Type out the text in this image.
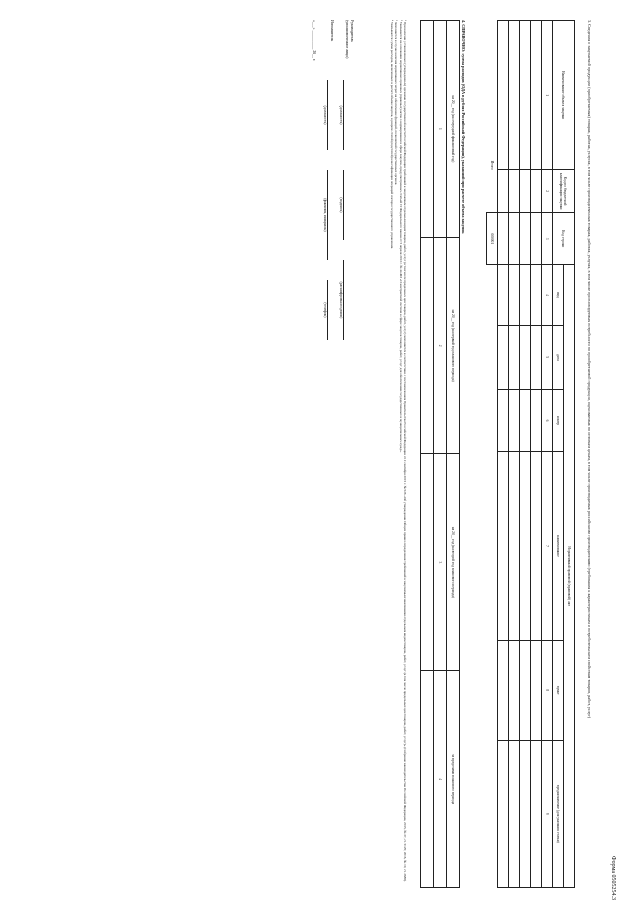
Форма 0505254.3
3. Сведения о закупаемой продукции (приобретаемых) товарах, работах, услугах, в том числе производственных товарах, работах, услугах, в том числе прогнозируемых потребности по приобретаемой продукции, оцениваемых по оптовым ценам, в том числе производимых российскими производителями (требования к характеристикам и потребительским свойствам товаров, работ, услуг)
Наименование объекта закупки	Код по бюджетной классификации закупки	Код строки	Нормативный правовой (правовой) акт					
			вид	дата	номер	наименование	пункт	предназначение (для указания статьи)
1	2	3	4	5	6	7	8	9

Итого		000001						
4. СПРАВОЧНО: сумма расходов (ОДА в рублях Российской Федерации), указанной при расчете объема закупок
на 20__ год (на очередной финансовый год)	на 20__ год (на первый год планового периода)	на 20__ год (на второй год планового периода)	за пределами планового периода
1	2	3	4

¹ При наличии установленных (утвержденных) органами государственной власти Российской Федерации требований к закупаемым отдельным видам товаров, работ, услуг (в том числе предельных цен товаров, работ, услуг) заполняется в соответствии с постановлением Правительства Российской Федерации от 2 сентября 2015 г. № 926 «Об утверждении Общих правил определения требований к закупаемым заказчиками отдельным видам товаров, работ, услуг (в том числе предельных цен товаров, работ, услуг)» (Собрание законодательства Российской Федерации, 2015, № 37, ст. 5129; 2016, № 19, ст. 2688).
² Указывается на основании нормативных правовых (правовых) актов о нормировании в сфере закупок, предусмотренных статьей 19 Федерального закона от 5 апреля 2013 г. № 44-ФЗ «О контрактной системе в сфере закупок товаров, работ, услуг для обеспечения государственных и муниципальных нужд».
³ Заполняется в случае наличия нормативных затрат на обеспечение функций, полномочий государственных органов.
⁴ Указывается сумма расходов, включенных в расчет объема закупок, в разрезе статей (подстатей) классификации операций сектора государственного управления.
Руководитель
(уполномоченное лицо)
(должность)
(подпись)
(расшифровка подписи)
Исполнитель
(должность)
(фамилия, инициалы)
(телефон)
«___» __________ 20__ г.
